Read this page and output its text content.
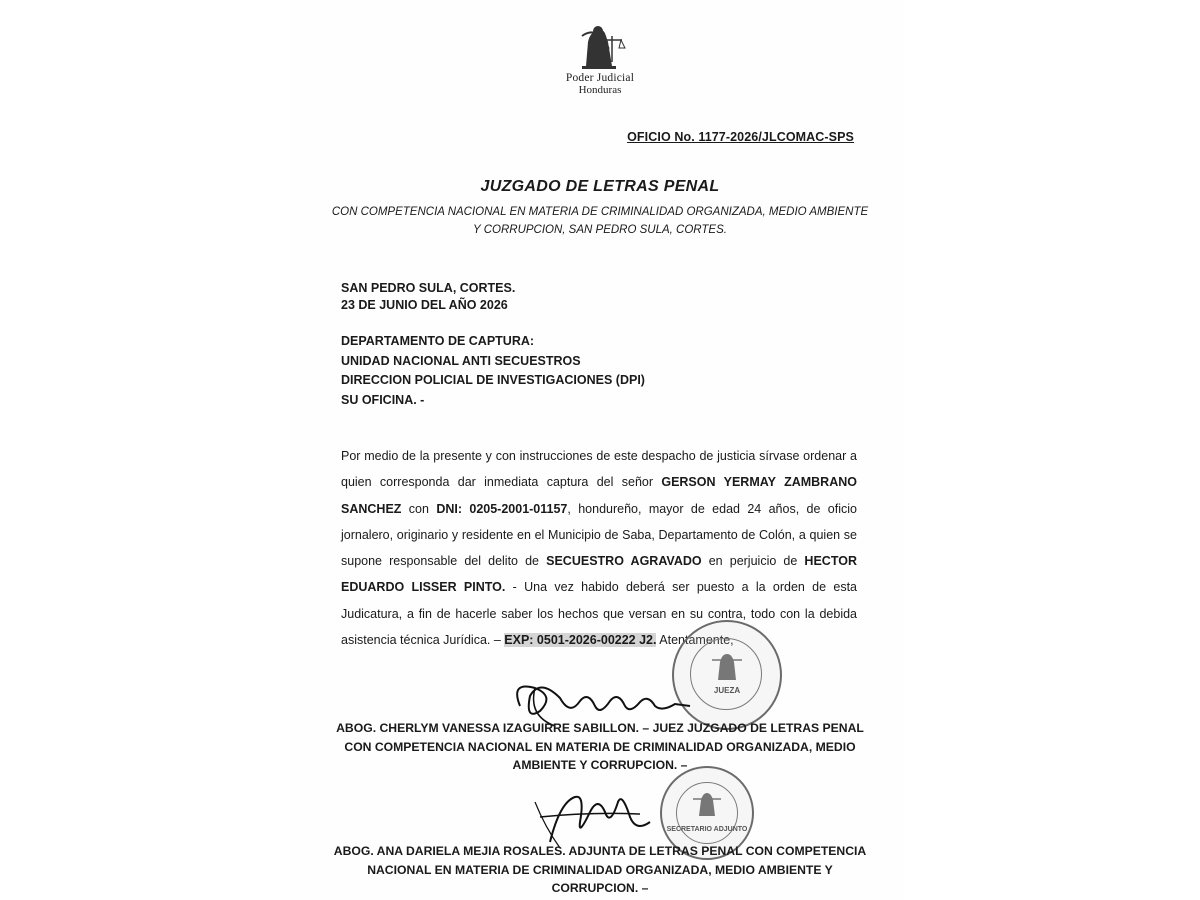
Poder Judicial
Honduras
OFICIO No. 1177-2026/JLCOMAC-SPS
JUZGADO DE LETRAS PENAL
CON COMPETENCIA NACIONAL EN MATERIA DE CRIMINALIDAD ORGANIZADA, MEDIO AMBIENTE Y CORRUPCION, SAN PEDRO SULA, CORTES.
SAN PEDRO SULA, CORTES.
23 DE JUNIO DEL AÑO 2026
DEPARTAMENTO DE CAPTURA:
UNIDAD NACIONAL ANTI SECUESTROS
DIRECCION POLICIAL DE INVESTIGACIONES (DPI)
SU OFICINA. -
Por medio de la presente y con instrucciones de este despacho de justicia sírvase ordenar a quien corresponda dar inmediata captura del señor GERSON YERMAY ZAMBRANO SANCHEZ con DNI: 0205-2001-01157, hondureño, mayor de edad 24 años, de oficio jornalero, originario y residente en el Municipio de Saba, Departamento de Colón, a quien se supone responsable del delito de SECUESTRO AGRAVADO en perjuicio de HECTOR EDUARDO LISSER PINTO. - Una vez habido deberá ser puesto a la orden de esta Judicatura, a fin de hacerle saber los hechos que versan en su contra, todo con la debida asistencia técnica Jurídica. – EXP: 0501-2026-00222 J2. Atentamente,
JUEZA
ABOG. CHERLYM VANESSA IZAGUIRRE SABILLON. – JUEZ JUZGADO DE LETRAS PENAL CON COMPETENCIA NACIONAL EN MATERIA DE CRIMINALIDAD ORGANIZADA, MEDIO AMBIENTE Y CORRUPCION. –
SECRETARIO ADJUNTO
ABOG. ANA DARIELA MEJIA ROSALES. ADJUNTA DE LETRAS PENAL CON COMPETENCIA NACIONAL EN MATERIA DE CRIMINALIDAD ORGANIZADA, MEDIO AMBIENTE Y CORRUPCION. –
